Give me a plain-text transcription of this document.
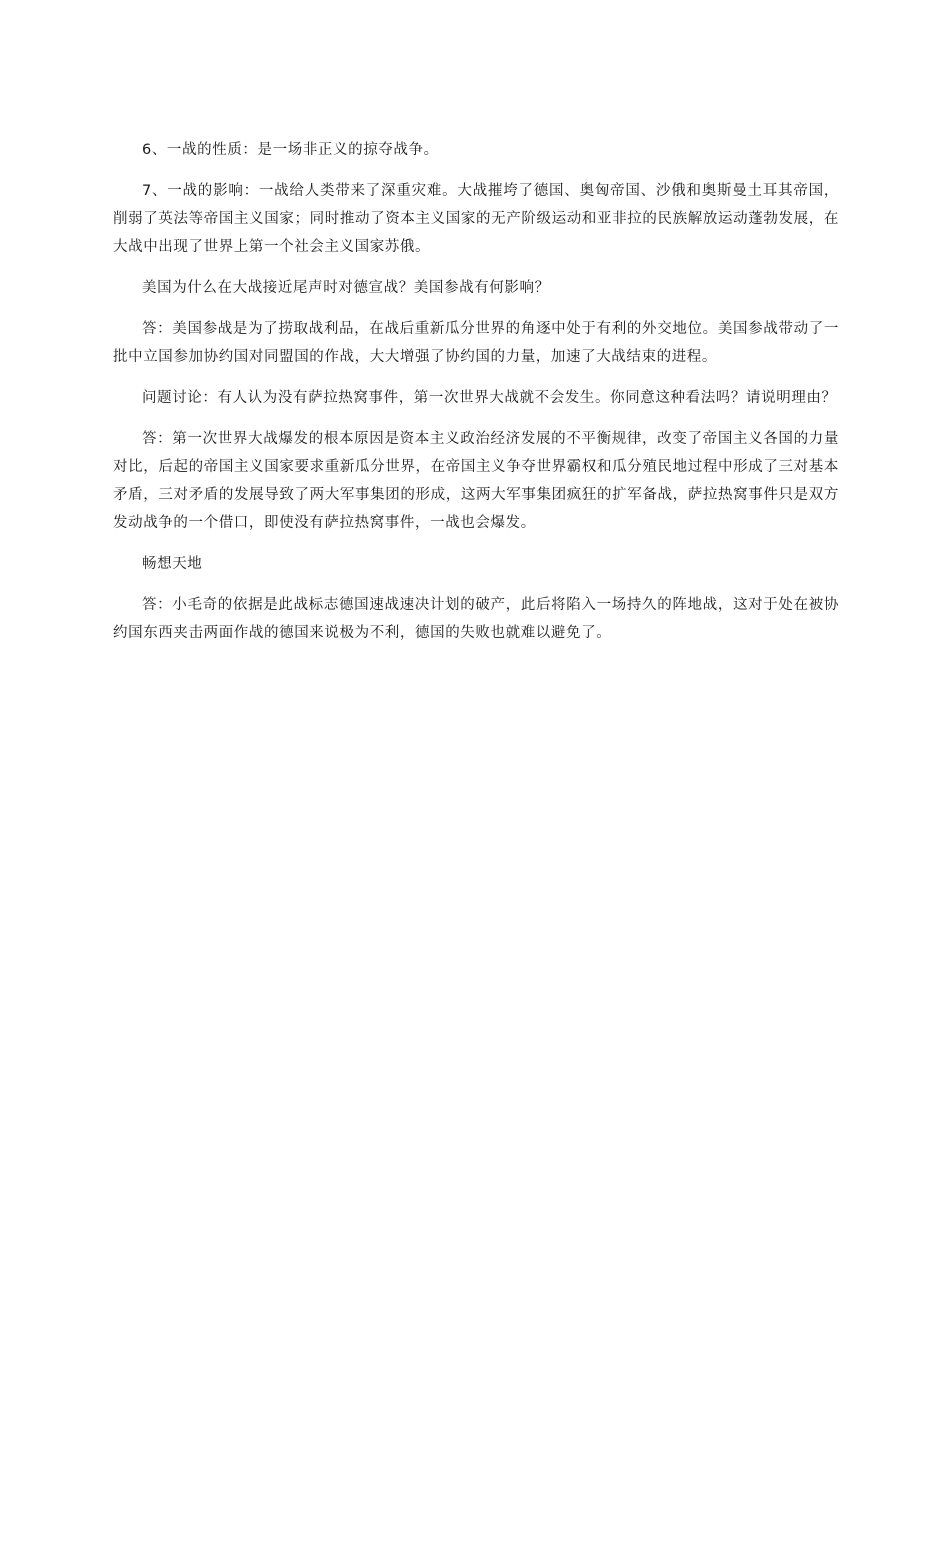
6、一战的性质：是一场非正义的掠夺战争。

7、一战的影响：一战给人类带来了深重灾难。大战摧垮了德国、奥匈帝国、沙俄和奥斯曼土耳其帝国，削弱了英法等帝国主义国家；同时推动了资本主义国家的无产阶级运动和亚非拉的民族解放运动蓬勃发展，在大战中出现了世界上第一个社会主义国家苏俄。

美国为什么在大战接近尾声时对德宣战？美国参战有何影响？

答：美国参战是为了捞取战利品，在战后重新瓜分世界的角逐中处于有利的外交地位。美国参战带动了一批中立国参加协约国对同盟国的作战，大大增强了协约国的力量，加速了大战结束的进程。

问题讨论：有人认为没有萨拉热窝事件，第一次世界大战就不会发生。你同意这种看法吗？请说明理由？

答：第一次世界大战爆发的根本原因是资本主义政治经济发展的不平衡规律，改变了帝国主义各国的力量对比，后起的帝国主义国家要求重新瓜分世界，在帝国主义争夺世界霸权和瓜分殖民地过程中形成了三对基本矛盾，三对矛盾的发展导致了两大军事集团的形成，这两大军事集团疯狂的扩军备战，萨拉热窝事件只是双方发动战争的一个借口，即使没有萨拉热窝事件，一战也会爆发。

畅想天地

答：小毛奇的依据是此战标志德国速战速决计划的破产，此后将陷入一场持久的阵地战，这对于处在被协约国东西夹击两面作战的德国来说极为不利，德国的失败也就难以避免了。
